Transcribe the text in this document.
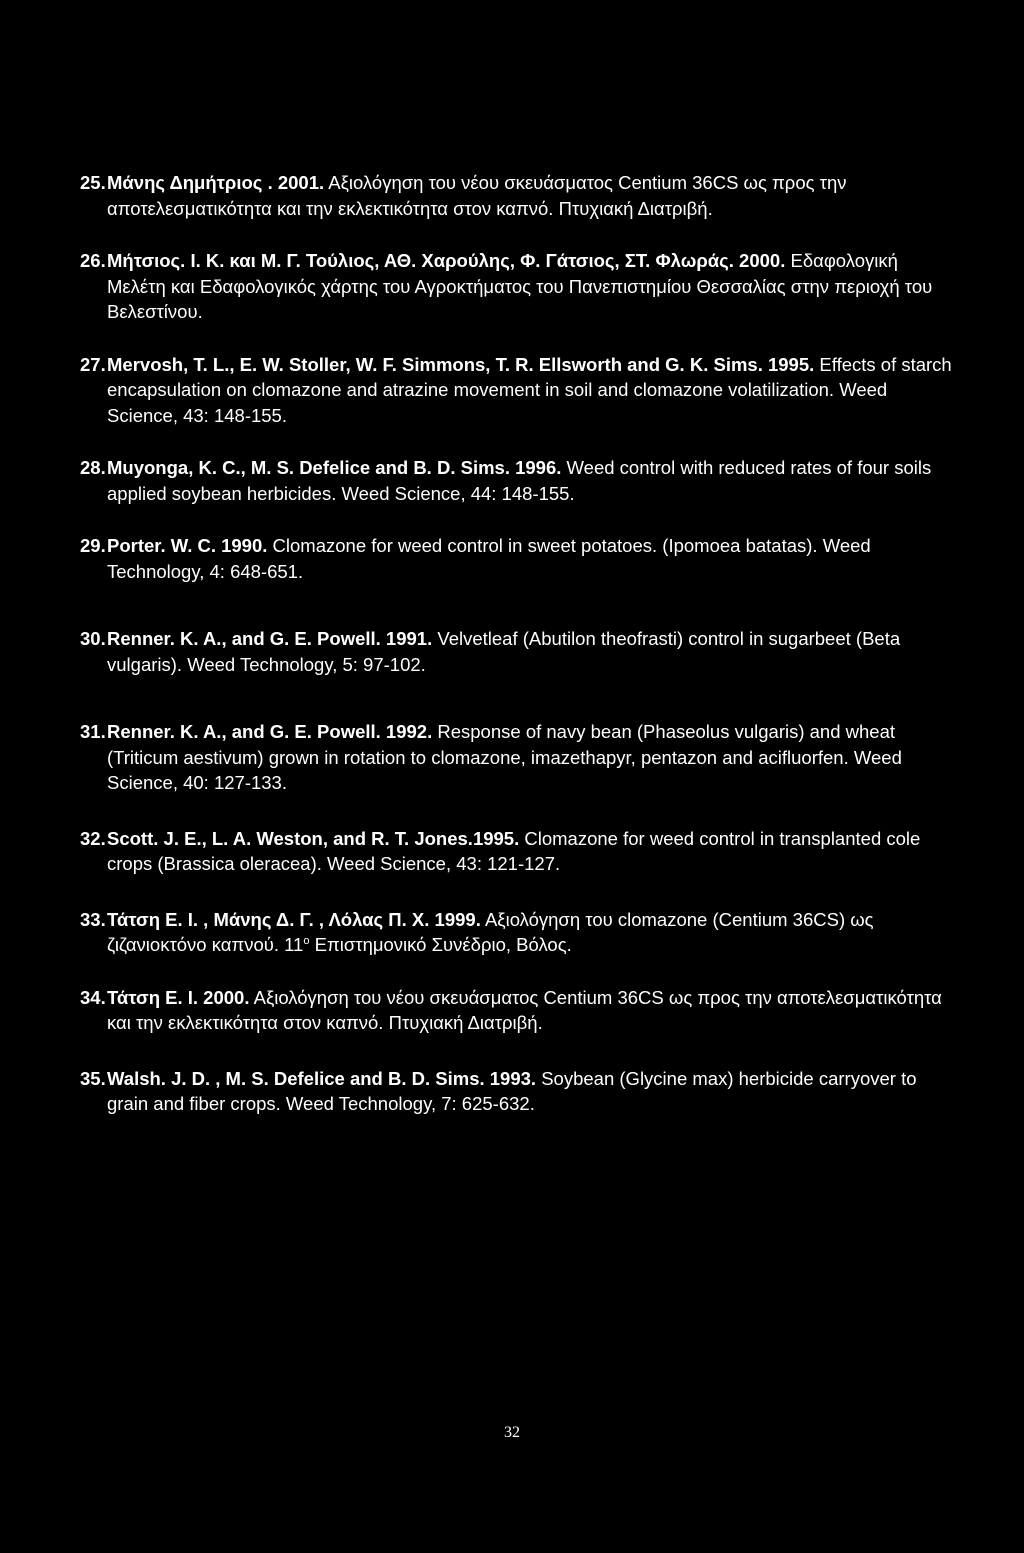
25. Μάνης Δημήτριος . 2001. Αξιολόγηση του νέου σκευάσματος Centium 36CS ως προς την αποτελεσματικότητα και την εκλεκτικότητα στον καπνό. Πτυχιακή Διατριβή.
26. Μήτσιος. Ι. Κ. και Μ. Γ. Τούλιος, ΑΘ. Χαρούλης, Φ. Γάτσιος, ΣΤ. Φλωράς. 2000. Εδαφολογική Μελέτη και Εδαφολογικός χάρτης του Αγροκτήματος του Πανεπιστημίου Θεσσαλίας στην περιοχή του Βελεστίνου.
27. Mervosh, T. L., E. W. Stoller, W. F. Simmons, T. R. Ellsworth and G. K. Sims. 1995. Effects of starch encapsulation on clomazone and atrazine movement in soil and clomazone volatilization. Weed Science, 43: 148-155.
28. Muyonga, K. C., M. S. Defelice and B. D. Sims. 1996. Weed control with reduced rates of four soils applied soybean herbicides. Weed Science, 44: 148-155.
29. Porter. W. C. 1990. Clomazone for weed control in sweet potatoes. (Ipomoea batatas). Weed Technology, 4: 648-651.
30. Renner. K. A., and G. E. Powell. 1991. Velvetleaf (Abutilon theofrasti) control in sugarbeet (Beta vulgaris). Weed Technology, 5: 97-102.
31. Renner. K. A., and G. E. Powell. 1992. Response of navy bean (Phaseolus vulgaris) and wheat (Triticum aestivum) grown in rotation to clomazone, imazethapyr, pentazon and acifluorfen. Weed Science, 40: 127-133.
32. Scott. J. E., L. A. Weston, and R. T. Jones.1995. Clomazone for weed control in transplanted cole crops (Brassica oleracea). Weed Science, 43: 121-127.
33. Τάτση Ε. Ι. , Μάνης Δ. Γ. , Λόλας Π. Χ. 1999. Αξιολόγηση του clomazone (Centium 36CS) ως ζιζανιοκτόνο καπνού. $11^o$ Επιστημονικό Συνέδριο, Βόλος.
34. Τάτση Ε. Ι. 2000. Αξιολόγηση του νέου σκευάσματος Centium 36CS ως προς την αποτελεσματικότητα και την εκλεκτικότητα στον καπνό. Πτυχιακή Διατριβή.
35. Walsh. J. D. , M. S. Defelice and B. D. Sims. 1993. Soybean (Glycine max) herbicide carryover to grain and fiber crops. Weed Technology, 7: 625-632.
32
